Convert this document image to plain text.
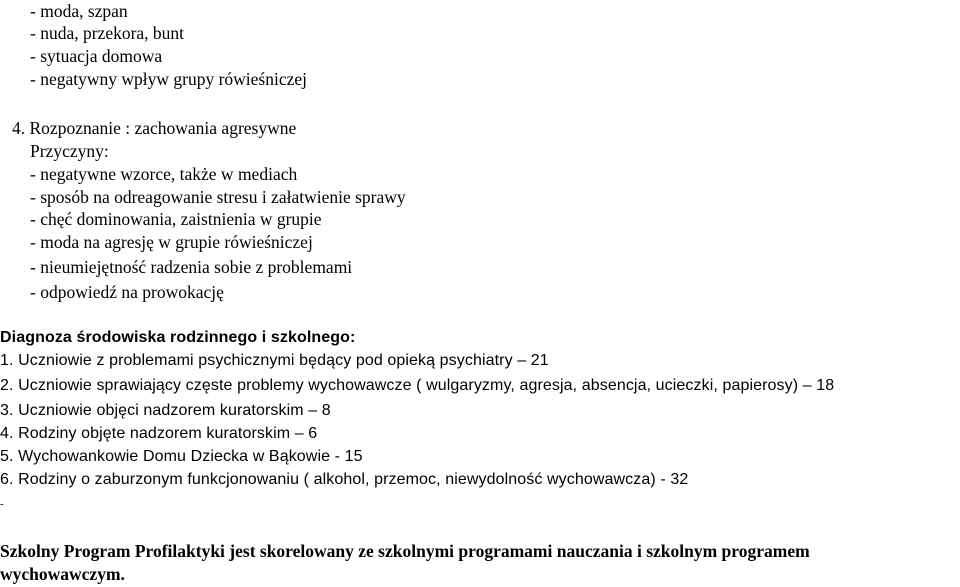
- moda, szpan
- nuda, przekora, bunt
- sytuacja domowa
- negatywny wpływ grupy rówieśniczej
4. Rozpoznanie : zachowania agresywne
Przyczyny:
- negatywne wzorce, także w mediach
- sposób na odreagowanie stresu i załatwienie sprawy
- chęć dominowania, zaistnienia w grupie
- moda na agresję w grupie rówieśniczej
- nieumiejętność radzenia sobie z problemami
- odpowiedź na prowokację
Diagnoza środowiska rodzinnego i szkolnego:
1. Uczniowie z problemami psychicznymi będący pod opieką psychiatry – 21
2. Uczniowie sprawiający częste problemy wychowawcze ( wulgaryzmy, agresja, absencja, ucieczki, papierosy) – 18
3. Uczniowie objęci nadzorem kuratorskim – 8
4. Rodziny objęte nadzorem kuratorskim – 6
5. Wychowankowie Domu Dziecka w Bąkowie - 15
6. Rodziny o zaburzonym funkcjonowaniu ( alkohol, przemoc, niewydolność wychowawcza) - 32
-
Szkolny Program Profilaktyki jest skorelowany ze szkolnymi programami nauczania i szkolnym programem
wychowawczym.
